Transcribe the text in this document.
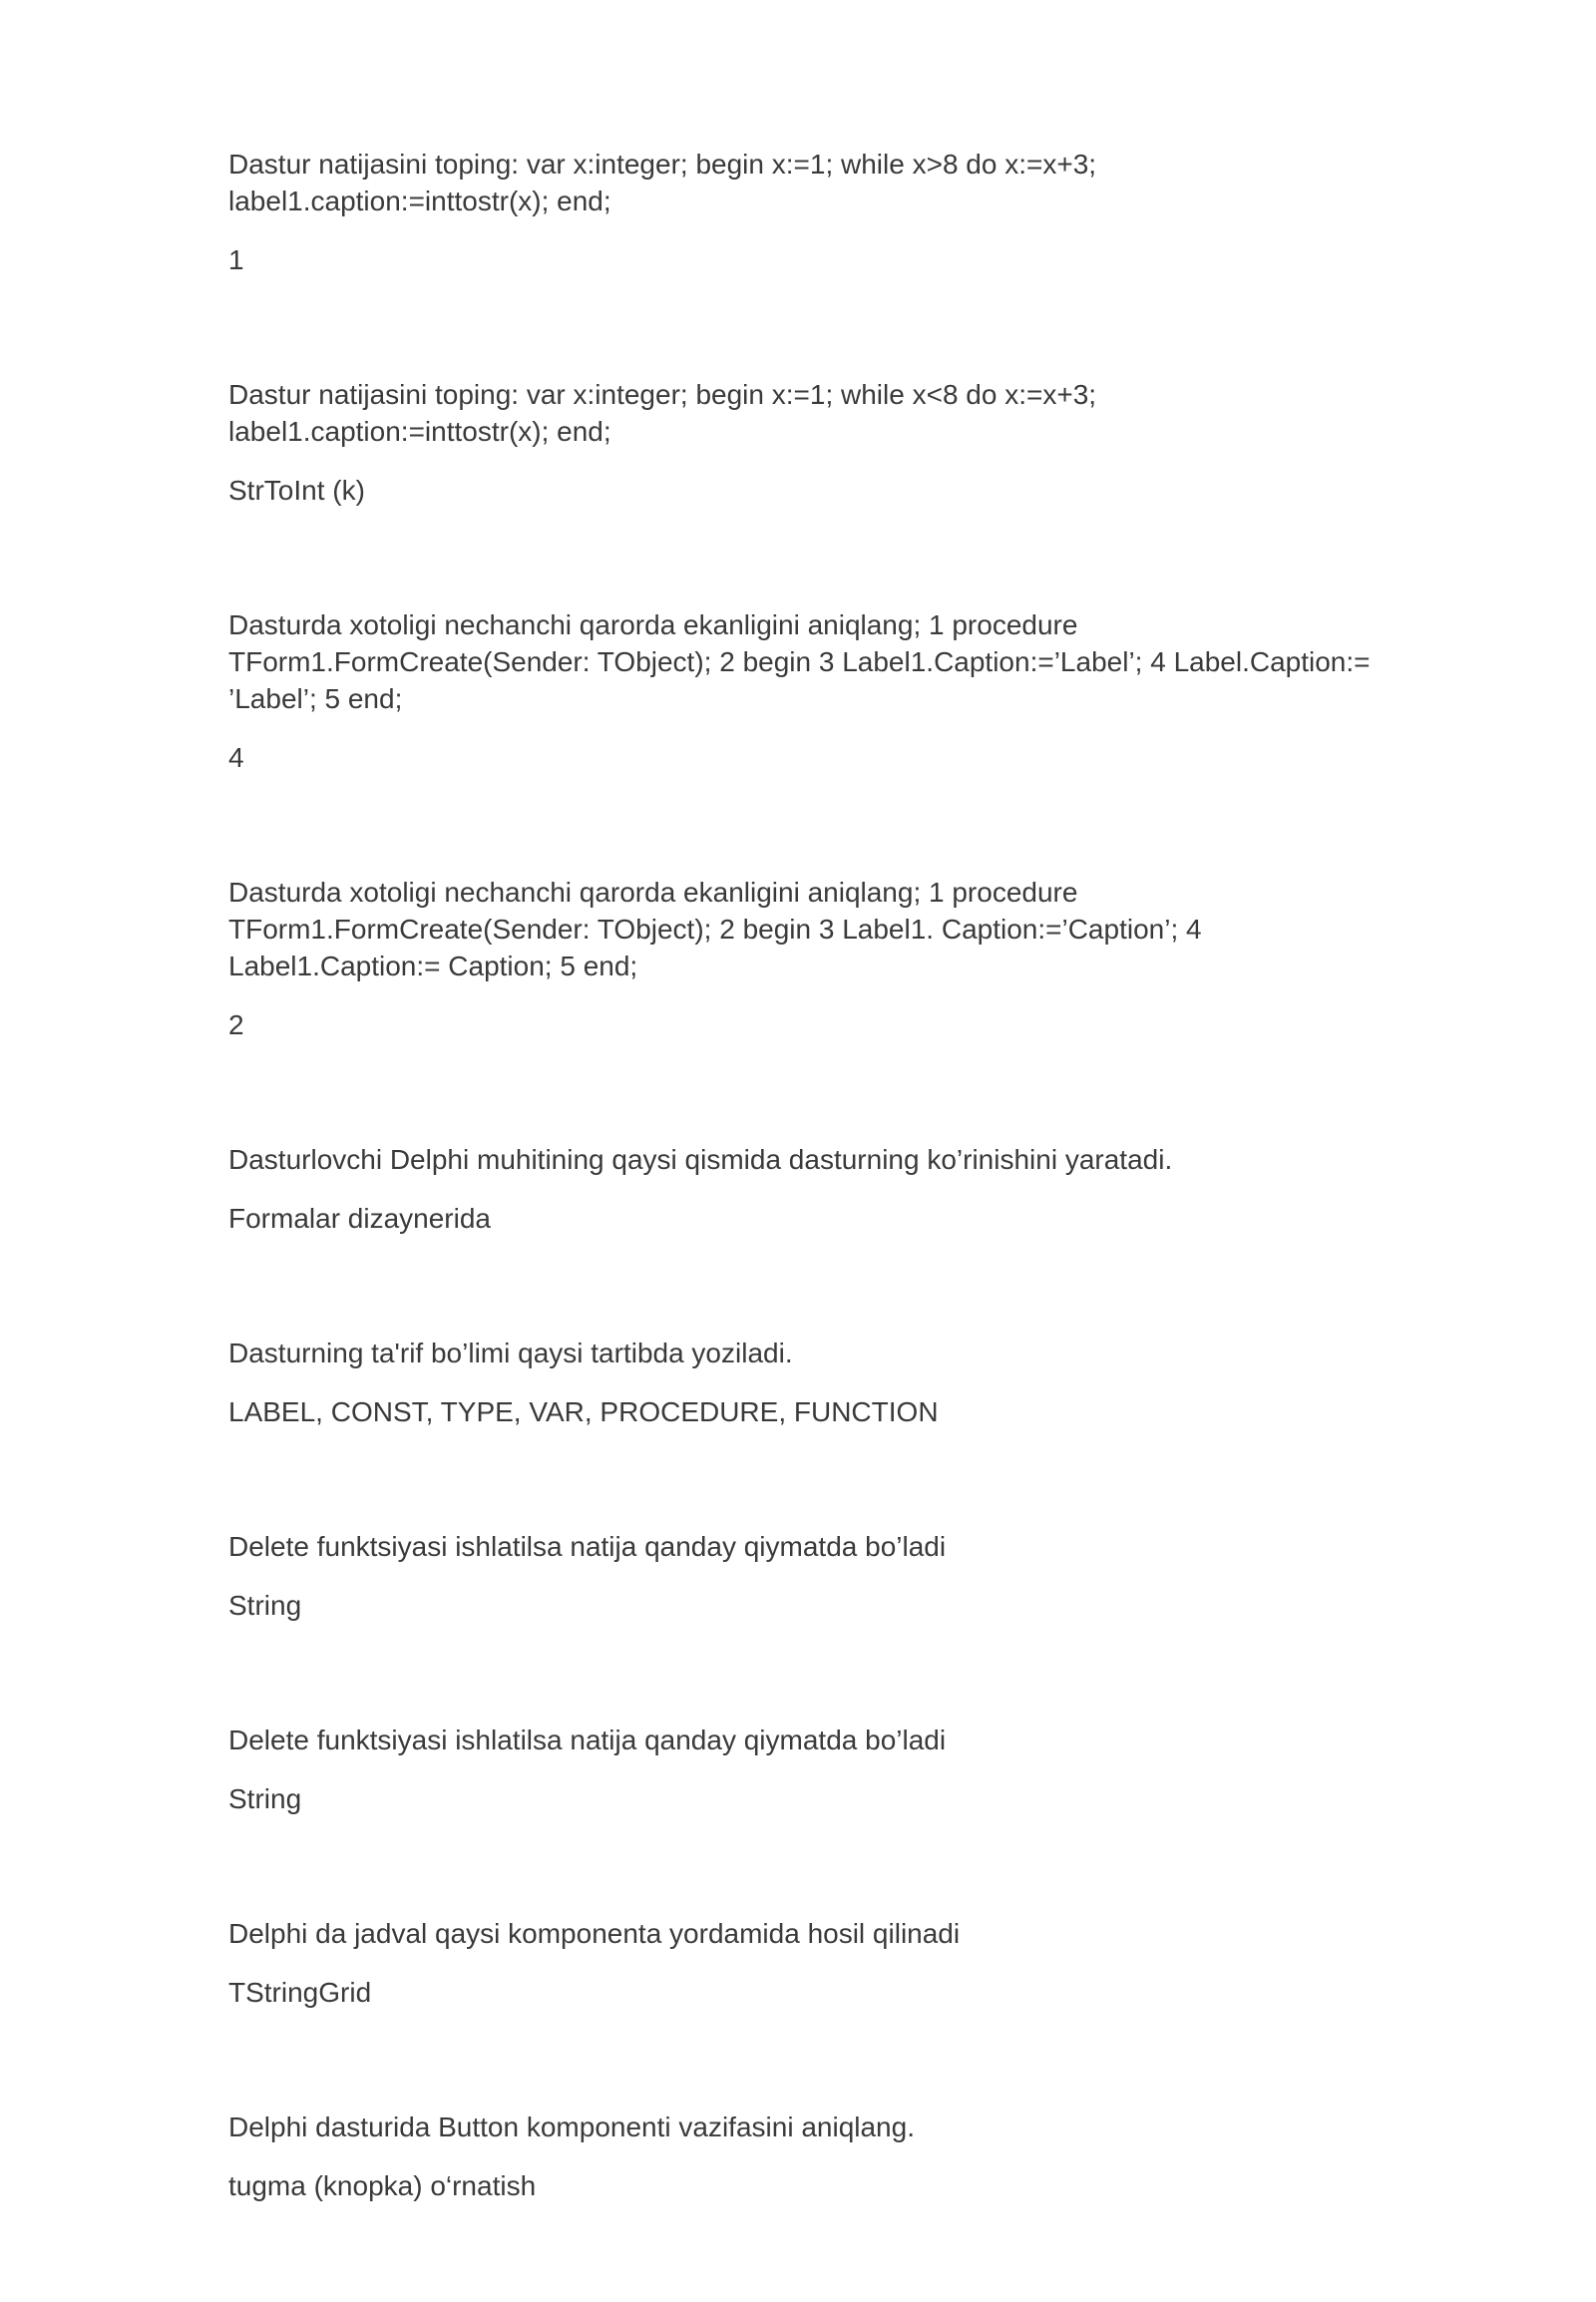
Dastur natijasini toping: var x:integer; begin x:=1; while x>8 do x:=x+3;
label1.caption:=inttostr(x); end;

1

Dastur natijasini toping: var x:integer; begin x:=1; while x<8 do x:=x+3;
label1.caption:=inttostr(x); end;

StrToInt (k)

Dasturda xotoligi nechanchi qarorda ekanligini aniqlang; 1 procedure
TForm1.FormCreate(Sender: TObject); 2 begin 3 Label1.Caption:=’Label’; 4 Label.Caption:=
’Label’; 5 end;

4

Dasturda xotoligi nechanchi qarorda ekanligini aniqlang; 1 procedure
TForm1.FormCreate(Sender: TObject); 2 begin 3 Label1. Caption:=’Caption’; 4
Label1.Caption:= Caption; 5 end;

2

Dasturlovchi Delphi muhitining qaysi qismida dasturning ko’rinishini yaratadi.

Formalar dizaynerida

Dasturning ta'rif bo’limi qaysi tartibda yoziladi.

LABEL, CONST, TYPE, VAR, PROCEDURE, FUNCTION

Delete funktsiyasi ishlatilsa natija qanday qiymatda bo’ladi

String

Delete funktsiyasi ishlatilsa natija qanday qiymatda bo’ladi

String

Delphi da jadval qaysi komponenta yordamida hosil qilinadi

TStringGrid

Delphi dasturida Button komponenti vazifasini aniqlang.

tugma (knopka) o‘rnatish
